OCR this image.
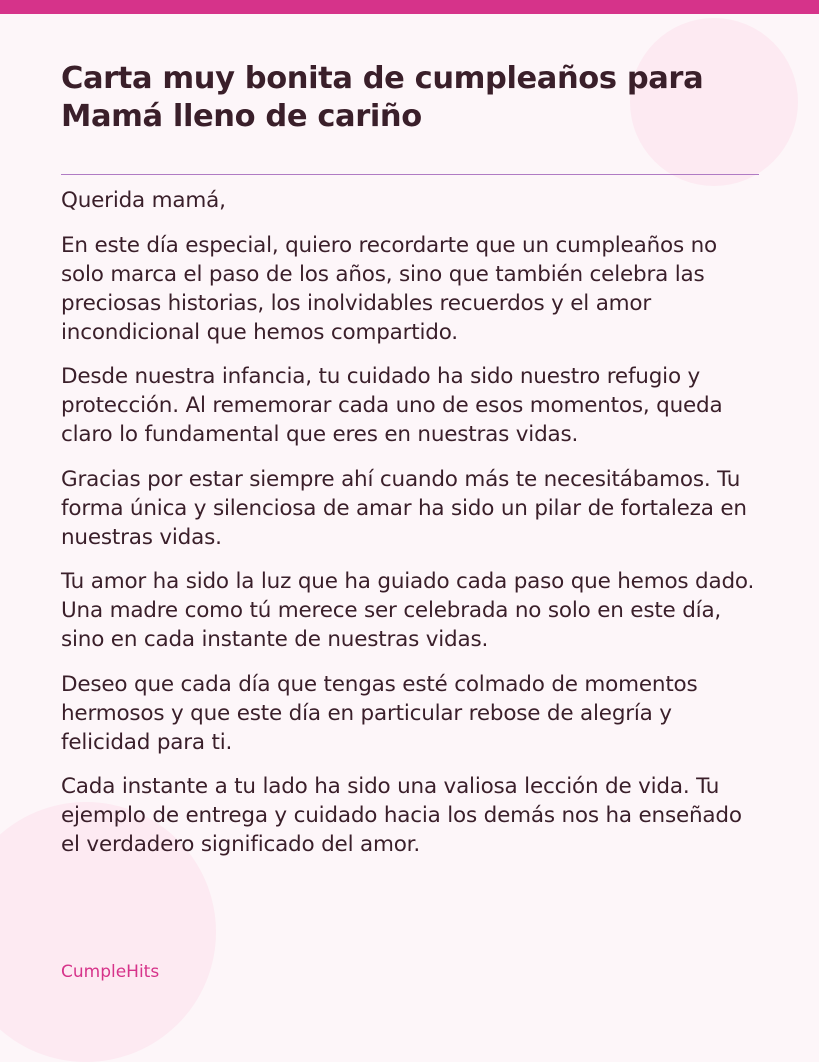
Carta muy bonita de cumpleaños para Mamá lleno de cariño

Querida mamá,

En este día especial, quiero recordarte que un cumpleaños no solo marca el paso de los años, sino que también celebra las preciosas historias, los inolvidables recuerdos y el amor incondicional que hemos compartido.

Desde nuestra infancia, tu cuidado ha sido nuestro refugio y protección. Al rememorar cada uno de esos momentos, queda claro lo fundamental que eres en nuestras vidas.

Gracias por estar siempre ahí cuando más te necesitábamos. Tu forma única y silenciosa de amar ha sido un pilar de fortaleza en nuestras vidas.

Tu amor ha sido la luz que ha guiado cada paso que hemos dado. Una madre como tú merece ser celebrada no solo en este día, sino en cada instante de nuestras vidas.

Deseo que cada día que tengas esté colmado de momentos hermosos y que este día en particular rebose de alegría y felicidad para ti.

Cada instante a tu lado ha sido una valiosa lección de vida. Tu ejemplo de entrega y cuidado hacia los demás nos ha enseñado el verdadero significado del amor.

CumpleHits
